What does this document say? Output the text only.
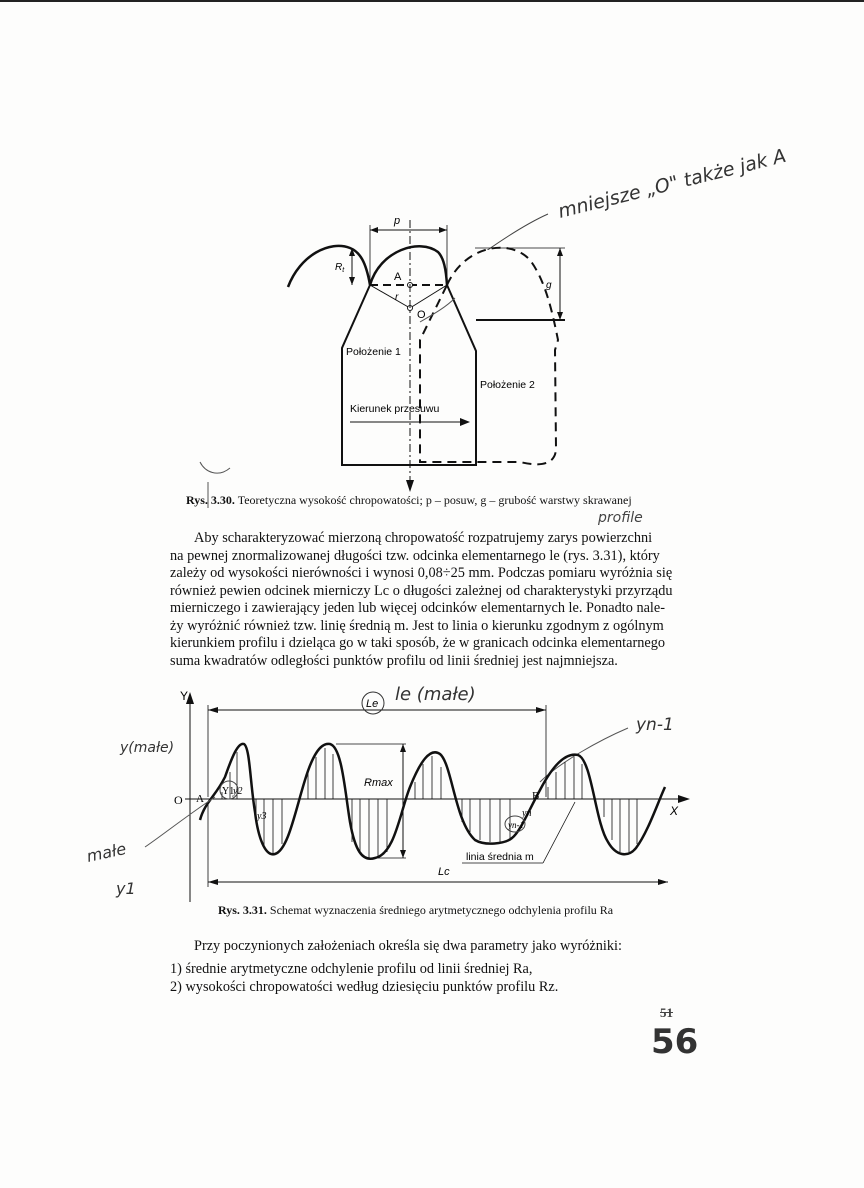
mniejsze „O" także jak A
p
$R_t$
g
A
r
O
Położenie 1
Położenie 2
Kierunek przesuwu
Rys. 3.30. Teoretyczna wysokość chropowatości; p – posuw, g – grubość warstwy skrawanej
profile

Aby scharakteryzować mierzoną chropowatość rozpatrujemy zarys powierzchni
na pewnej znormalizowanej długości tzw. odcinka elementarnego le (rys. 3.31), który
zależy od wysokości nierówności i wynosi 0,08÷25 mm. Podczas pomiaru wyróżnia się
również pewien odcinek mierniczy Lc o długości zależnej od charakterystyki przyrządu
mierniczego i zawierający jeden lub więcej odcinków elementarnych le. Ponadto nale-
ży wyróżnić również tzw. linię średnią m. Jest to linia o kierunku zgodnym z ogólnym
kierunkiem profilu i dzieląca go w taki sposób, że w granicach odcinka elementarnego
suma kwadratów odległości punktów profilu od linii średniej jest najmniejsza.

le (małe)
y(małe)
yn-1
Y
X
O
Le
Lc
Rmax
A	B
Y1
y2
y3	yn
yn-1
linia średnia m
małe
y1
Rys. 3.31. Schemat wyznaczenia średniego arytmetycznego odchylenia profilu Ra

Przy poczynionych założeniach określa się dwa parametry jako wyróżniki:

1) średnie arytmetyczne odchylenie profilu od linii średniej Ra,
2) wysokości chropowatości według dziesięciu punktów profilu Rz.
51
56
